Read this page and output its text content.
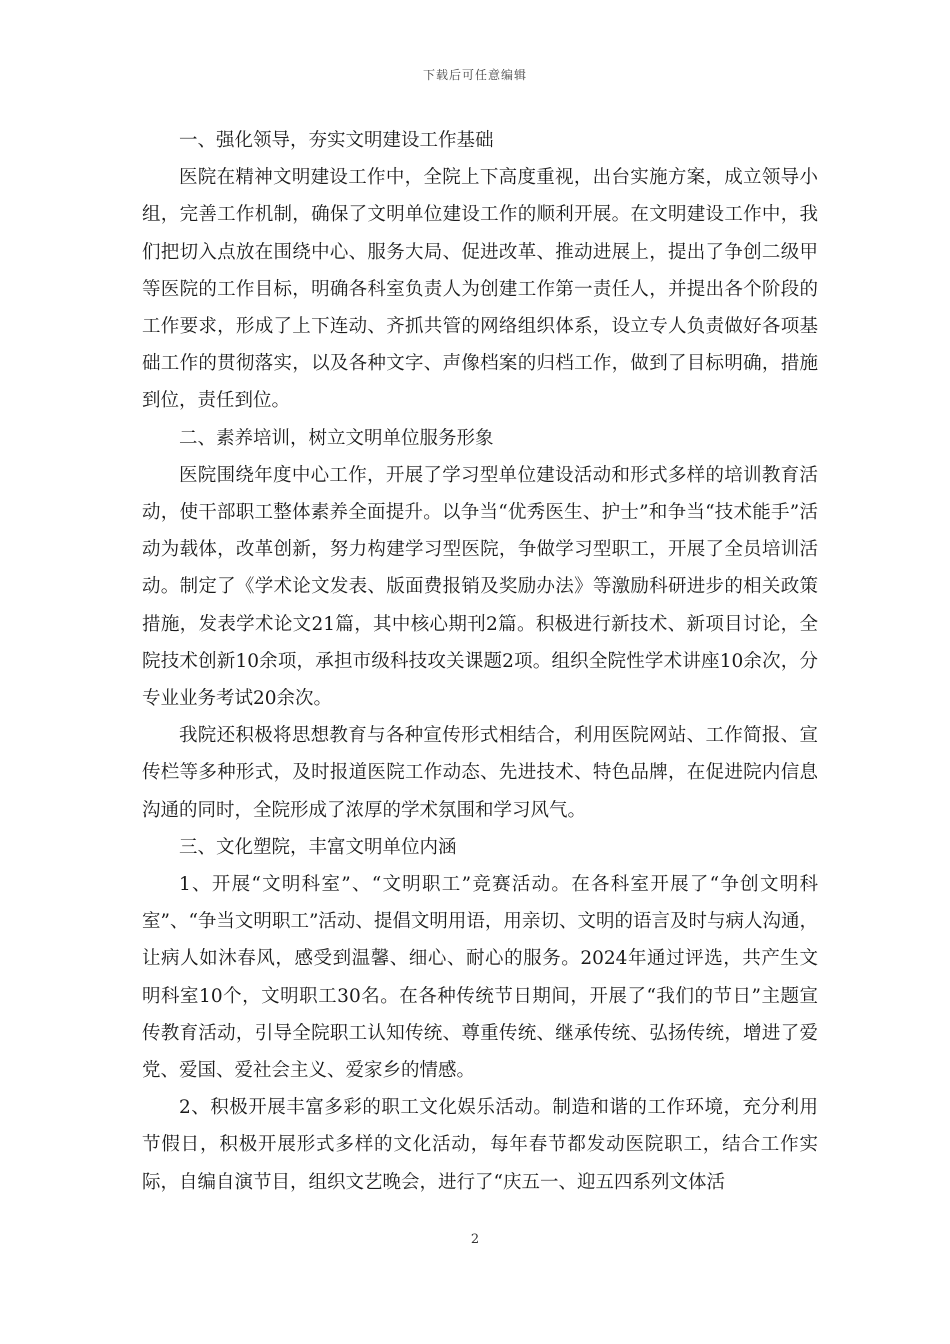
下载后可任意编辑

一、强化领导，夯实文明建设工作基础

医院在精神文明建设工作中，全院上下高度重视，出台实施方案，成立领导小组，完善工作机制，确保了文明单位建设工作的顺利开展。在文明建设工作中，我们把切入点放在围绕中心、服务大局、促进改革、推动进展上，提出了争创二级甲等医院的工作目标，明确各科室负责人为创建工作第一责任人，并提出各个阶段的工作要求，形成了上下连动、齐抓共管的网络组织体系，设立专人负责做好各项基础工作的贯彻落实，以及各种文字、声像档案的归档工作，做到了目标明确，措施到位，责任到位。

二、素养培训，树立文明单位服务形象

医院围绕年度中心工作，开展了学习型单位建设活动和形式多样的培训教育活动，使干部职工整体素养全面提升。以争当“优秀医生、护士”和争当“技术能手”活动为载体，改革创新，努力构建学习型医院，争做学习型职工，开展了全员培训活动。制定了《学术论文发表、版面费报销及奖励办法》等激励科研进步的相关政策措施，发表学术论文21篇，其中核心期刊2篇。积极进行新技术、新项目讨论，全院技术创新10余项，承担市级科技攻关课题2项。组织全院性学术讲座10余次，分专业业务考试20余次。

我院还积极将思想教育与各种宣传形式相结合，利用医院网站、工作简报、宣传栏等多种形式，及时报道医院工作动态、先进技术、特色品牌，在促进院内信息沟通的同时，全院形成了浓厚的学术氛围和学习风气。

三、文化塑院，丰富文明单位内涵

1、开展“文明科室”、“文明职工”竞赛活动。在各科室开展了“争创文明科室”、“争当文明职工”活动、提倡文明用语，用亲切、文明的语言及时与病人沟通，让病人如沐春风，感受到温馨、细心、耐心的服务。2024年通过评选，共产生文明科室10个，文明职工30名。在各种传统节日期间，开展了“我们的节日”主题宣传教育活动，引导全院职工认知传统、尊重传统、继承传统、弘扬传统，增进了爱党、爱国、爱社会主义、爱家乡的情感。

2、积极开展丰富多彩的职工文化娱乐活动。制造和谐的工作环境，充分利用节假日，积极开展形式多样的文化活动，每年春节都发动医院职工，结合工作实际，自编自演节目，组织文艺晚会，进行了“庆五一、迎五四系列文体活

2
